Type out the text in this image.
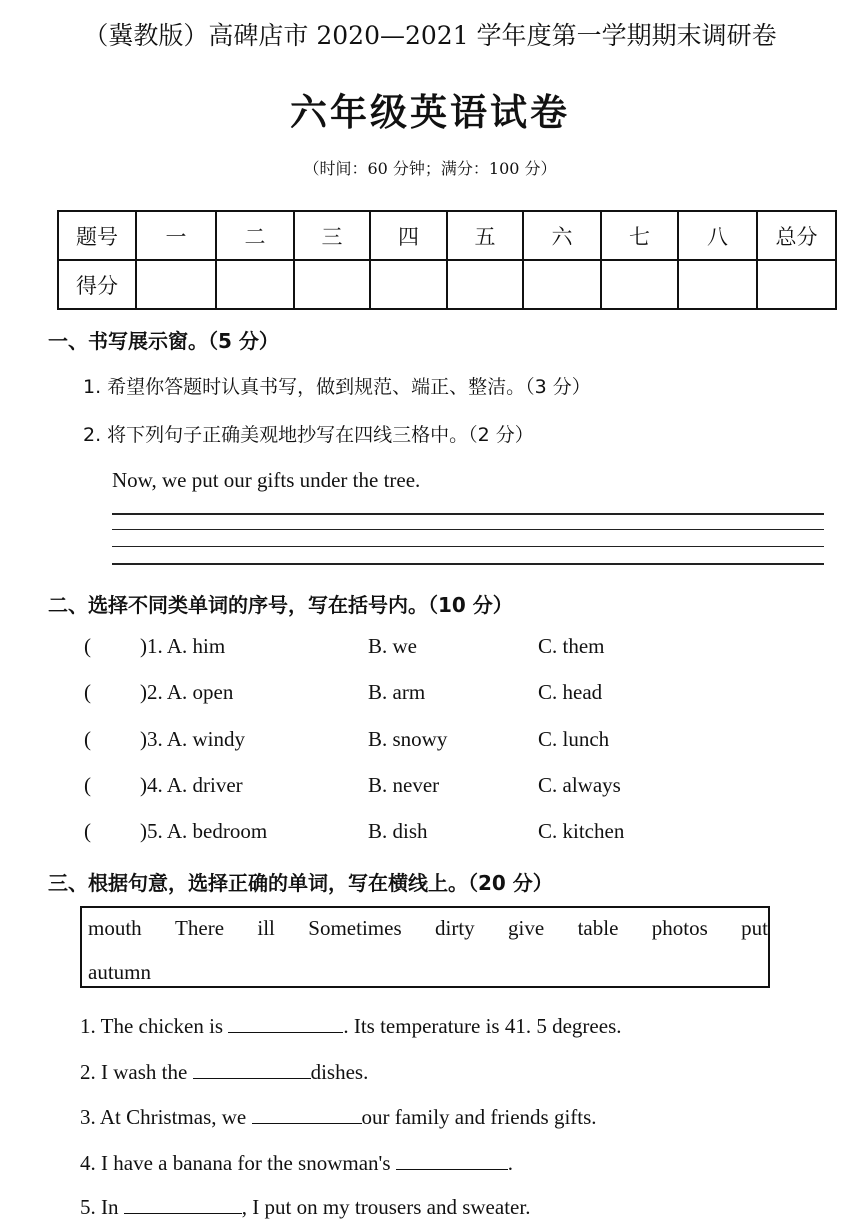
（冀教版）高碑店市 2020—2021 学年度第一学期期末调研卷
六年级英语试卷
（时间：60 分钟；满分：100 分）
题号	一	二	三	四	五	六	七	八	总分
得分									
一、书写展示窗。（5 分）
1. 希望你答题时认真书写，做到规范、端正、整洁。（3 分）
2. 将下列句子正确美观地抄写在四线三格中。（2 分）
Now, we put our gifts under the tree.
二、选择不同类单词的序号，写在括号内。（10 分）
( )1. A. him	B. we	C. them
( )2. A. open	B. arm	C. head
( )3. A. windy	B. snowy	C. lunch
( )4. A. driver	B. never	C. always
( )5. A. bedroom	B. dish	C. kitchen
三、根据句意，选择正确的单词，写在横线上。（20 分）
mouth There ill Sometimes dirty give table photos put
autumn
1. The chicken is	. Its temperature is 41. 5 degrees.
2. I wash the	dishes.
3. At Christmas, we	our family and friends gifts.
4. I have a banana for the snowman's	.
5. In	, I put on my trousers and sweater.
